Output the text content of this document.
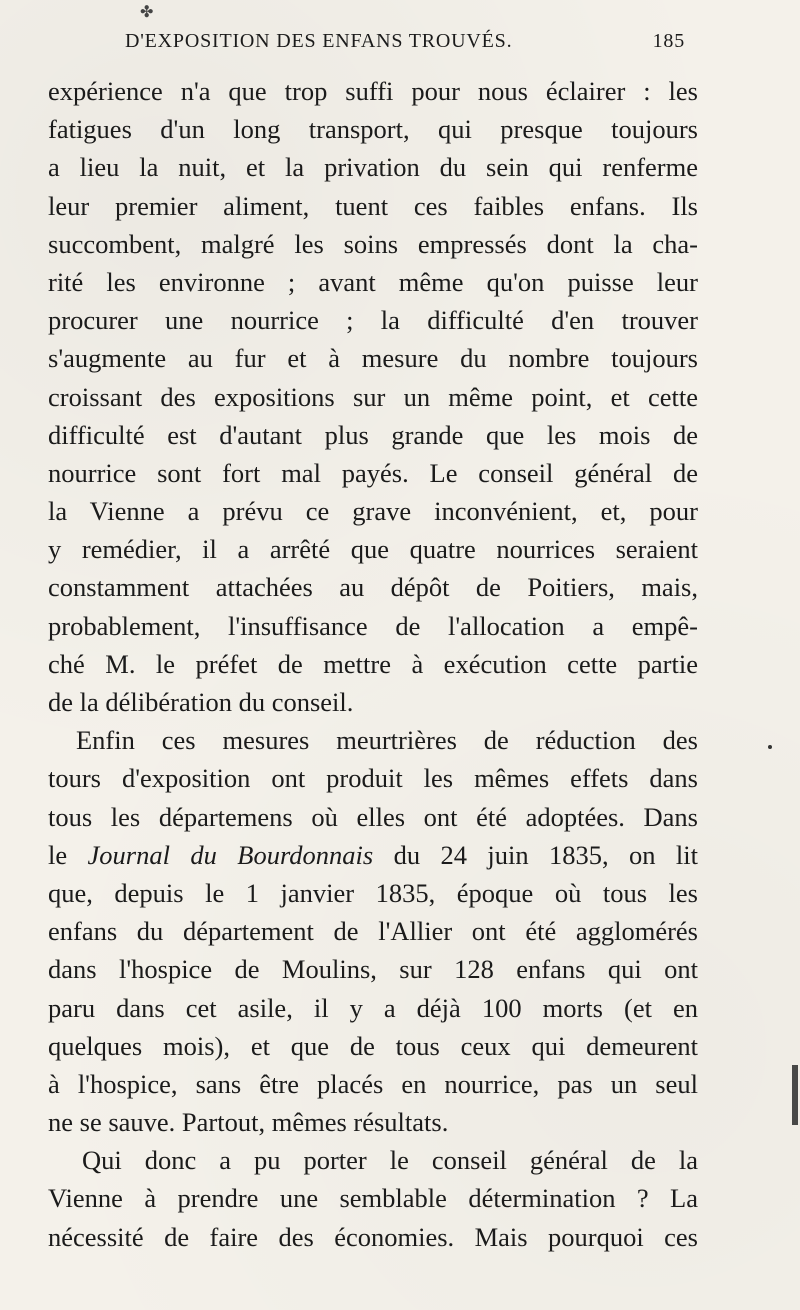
✤
D'EXPOSITION DES ENFANS TROUVÉS.	185
expérience n'a que trop suffi pour nous éclairer : les
fatigues d'un long transport, qui presque toujours
a lieu la nuit, et la privation du sein qui renferme
leur premier aliment, tuent ces faibles enfans. Ils
succombent, malgré les soins empressés dont la cha-
rité les environne ; avant même qu'on puisse leur
procurer une nourrice ; la difficulté d'en trouver
s'augmente au fur et à mesure du nombre toujours
croissant des expositions sur un même point, et cette
difficulté est d'autant plus grande que les mois de
nourrice sont fort mal payés. Le conseil général de
la Vienne a prévu ce grave inconvénient, et, pour
y remédier, il a arrêté que quatre nourrices seraient
constamment attachées au dépôt de Poitiers, mais,
probablement, l'insuffisance de l'allocation a empê-
ché M. le préfet de mettre à exécution cette partie
de la délibération du conseil.
Enfin ces mesures meurtrières de réduction des
tours d'exposition ont produit les mêmes effets dans
tous les départemens où elles ont été adoptées. Dans
le Journal du Bourdonnais du 24 juin 1835, on lit
que, depuis le 1 janvier 1835, époque où tous les
enfans du département de l'Allier ont été agglomérés
dans l'hospice de Moulins, sur 128 enfans qui ont
paru dans cet asile, il y a déjà 100 morts (et en
quelques mois), et que de tous ceux qui demeurent
à l'hospice, sans être placés en nourrice, pas un seul
ne se sauve. Partout, mêmes résultats.
Qui donc a pu porter le conseil général de la
Vienne à prendre une semblable détermination ? La
nécessité de faire des économies. Mais pourquoi ces
